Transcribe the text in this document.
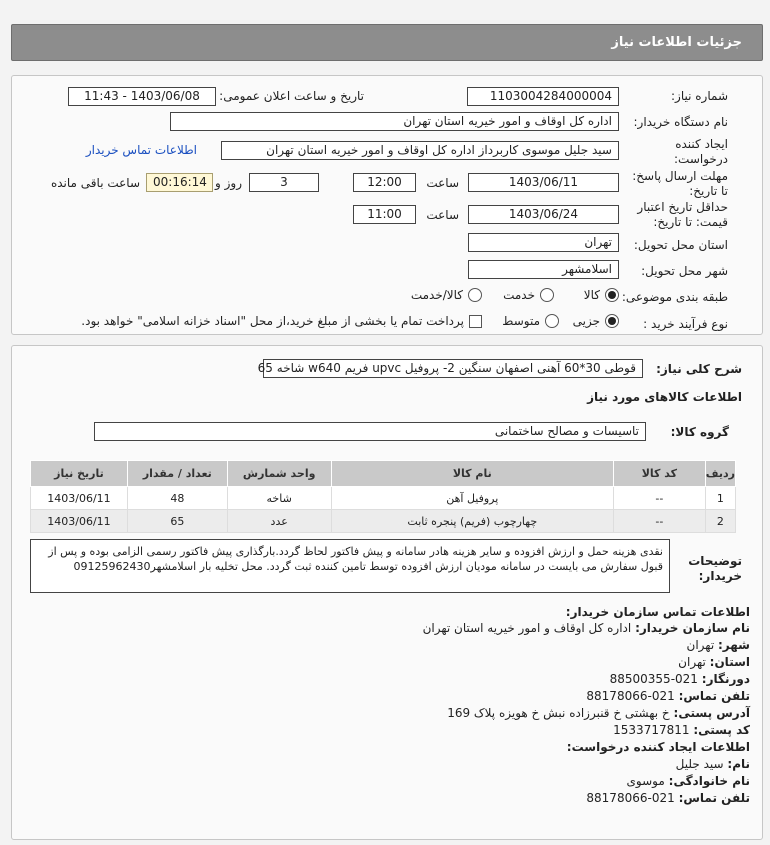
جزئیات اطلاعات نیاز
شماره نیاز:
1103004284000004
تاریخ و ساعت اعلان عمومی:
1403/06/08 - 11:43
نام دستگاه خریدار:
اداره کل اوقاف و امور خیریه استان تهران
ایجاد کننده
درخواست:
سید جلیل موسوی کاربرداز اداره کل اوقاف و امور خیریه استان تهران
اطلاعات تماس خریدار
مهلت ارسال پاسخ:
تا تاریخ:
1403/06/11
ساعت
12:00
3
روز و
00:16:14
ساعت باقی مانده
حداقل تاریخ اعتبار
قیمت: تا تاریخ:
1403/06/24
ساعت
11:00
استان محل تحویل:
تهران
شهر محل تحویل:
اسلامشهر
طبقه بندی موضوعی:
کالا
خدمت
کالا/خدمت
نوع فرآیند خرید :
جزیی
متوسط
پرداخت تمام یا بخشی از مبلغ خرید،از محل "اسناد خزانه اسلامی" خواهد بود.
شرح کلی نیاز:
قوطی 30*60 آهنی اصفهان سنگین 2- پروفیل upvc فریم w640 شاخه 65
اطلاعات کالاهای مورد نیاز
گروه کالا:
تاسیسات و مصالح ساختمانی
توضیحات
خریدار:
ردیف	کد کالا	نام کالا	واحد شمارش	تعداد / مقدار	تاریخ نیاز
1	--	پروفیل آهن	شاخه	48	1403/06/11
2	--	چهارچوب (فریم) پنجره ثابت	عدد	65	1403/06/11
نقدی هزینه حمل و ارزش افزوده و سایر هزینه هادر سامانه و پیش فاکتور لحاظ گردد.بارگذاری پیش فاکتور رسمی الزامی بوده و پس از قبول سفارش می بایست در سامانه مودیان ارزش افزوده توسط تامین کننده ثبت گردد. محل تخلیه بار اسلامشهر09125962430
اطلاعات تماس سازمان خریدار:
نام سازمان خریدار: اداره کل اوقاف و امور خیریه استان تهران
شهر: تهران
استان: تهران
دورنگار: 021-88500355
تلفن تماس: 021-88178066
آدرس پستی: خ بهشتی خ قنبرزاده نبش خ هویزه پلاک 169
کد پستی: 1533717811
اطلاعات ایجاد کننده درخواست:
نام: سید جلیل
نام خانوادگی: موسوی
تلفن تماس: 021-88178066
